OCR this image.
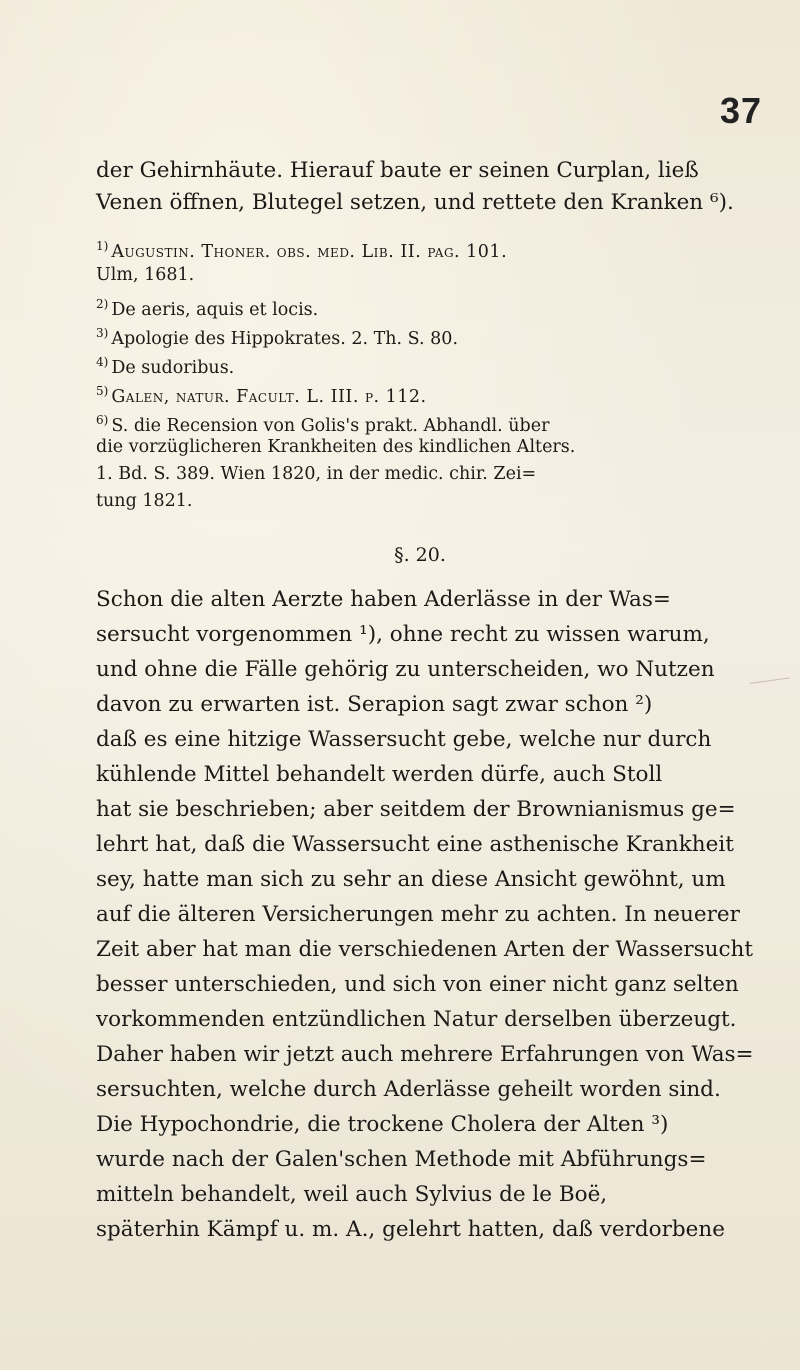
37
der Gehirnhäute. Hierauf baute er seinen Curplan, ließ
Venen öffnen, Blutegel setzen, und rettete den Kranken ⁶).
$^{1)}$ Augustin. Thoner. obs. med. Lib. II. pag. 101.
Ulm, 1681.
$^{2)}$ De aeris, aquis et locis.
$^{3)}$ Apologie des Hippokrates. 2. Th. S. 80.
$^{4)}$ De sudoribus.
$^{5)}$ Galen, natur. Facult. L. III. p. 112.
$^{6)}$ S. die Recension von Golis's prakt. Abhandl. über
die vorzüglicheren Krankheiten des kindlichen Alters.
1. Bd. S. 389. Wien 1820, in der medic. chir. Zei=
tung 1821.
§. 20.
Schon die alten Aerzte haben Aderlässe in der Was=
sersucht vorgenommen ¹), ohne recht zu wissen warum,
und ohne die Fälle gehörig zu unterscheiden, wo Nutzen
davon zu erwarten ist. Serapion sagt zwar schon ²)
daß es eine hitzige Wassersucht gebe, welche nur durch
kühlende Mittel behandelt werden dürfe, auch Stoll
hat sie beschrieben; aber seitdem der Brownianismus ge=
lehrt hat, daß die Wassersucht eine asthenische Krankheit
sey, hatte man sich zu sehr an diese Ansicht gewöhnt, um
auf die älteren Versicherungen mehr zu achten. In neuerer
Zeit aber hat man die verschiedenen Arten der Wassersucht
besser unterschieden, und sich von einer nicht ganz selten
vorkommenden entzündlichen Natur derselben überzeugt.
Daher haben wir jetzt auch mehrere Erfahrungen von Was=
sersuchten, welche durch Aderlässe geheilt worden sind.
Die Hypochondrie, die trockene Cholera der Alten ³)
wurde nach der Galen'schen Methode mit Abführungs=
mitteln behandelt, weil auch Sylvius de le Boë,
späterhin Kämpf u. m. A., gelehrt hatten, daß verdorbene
